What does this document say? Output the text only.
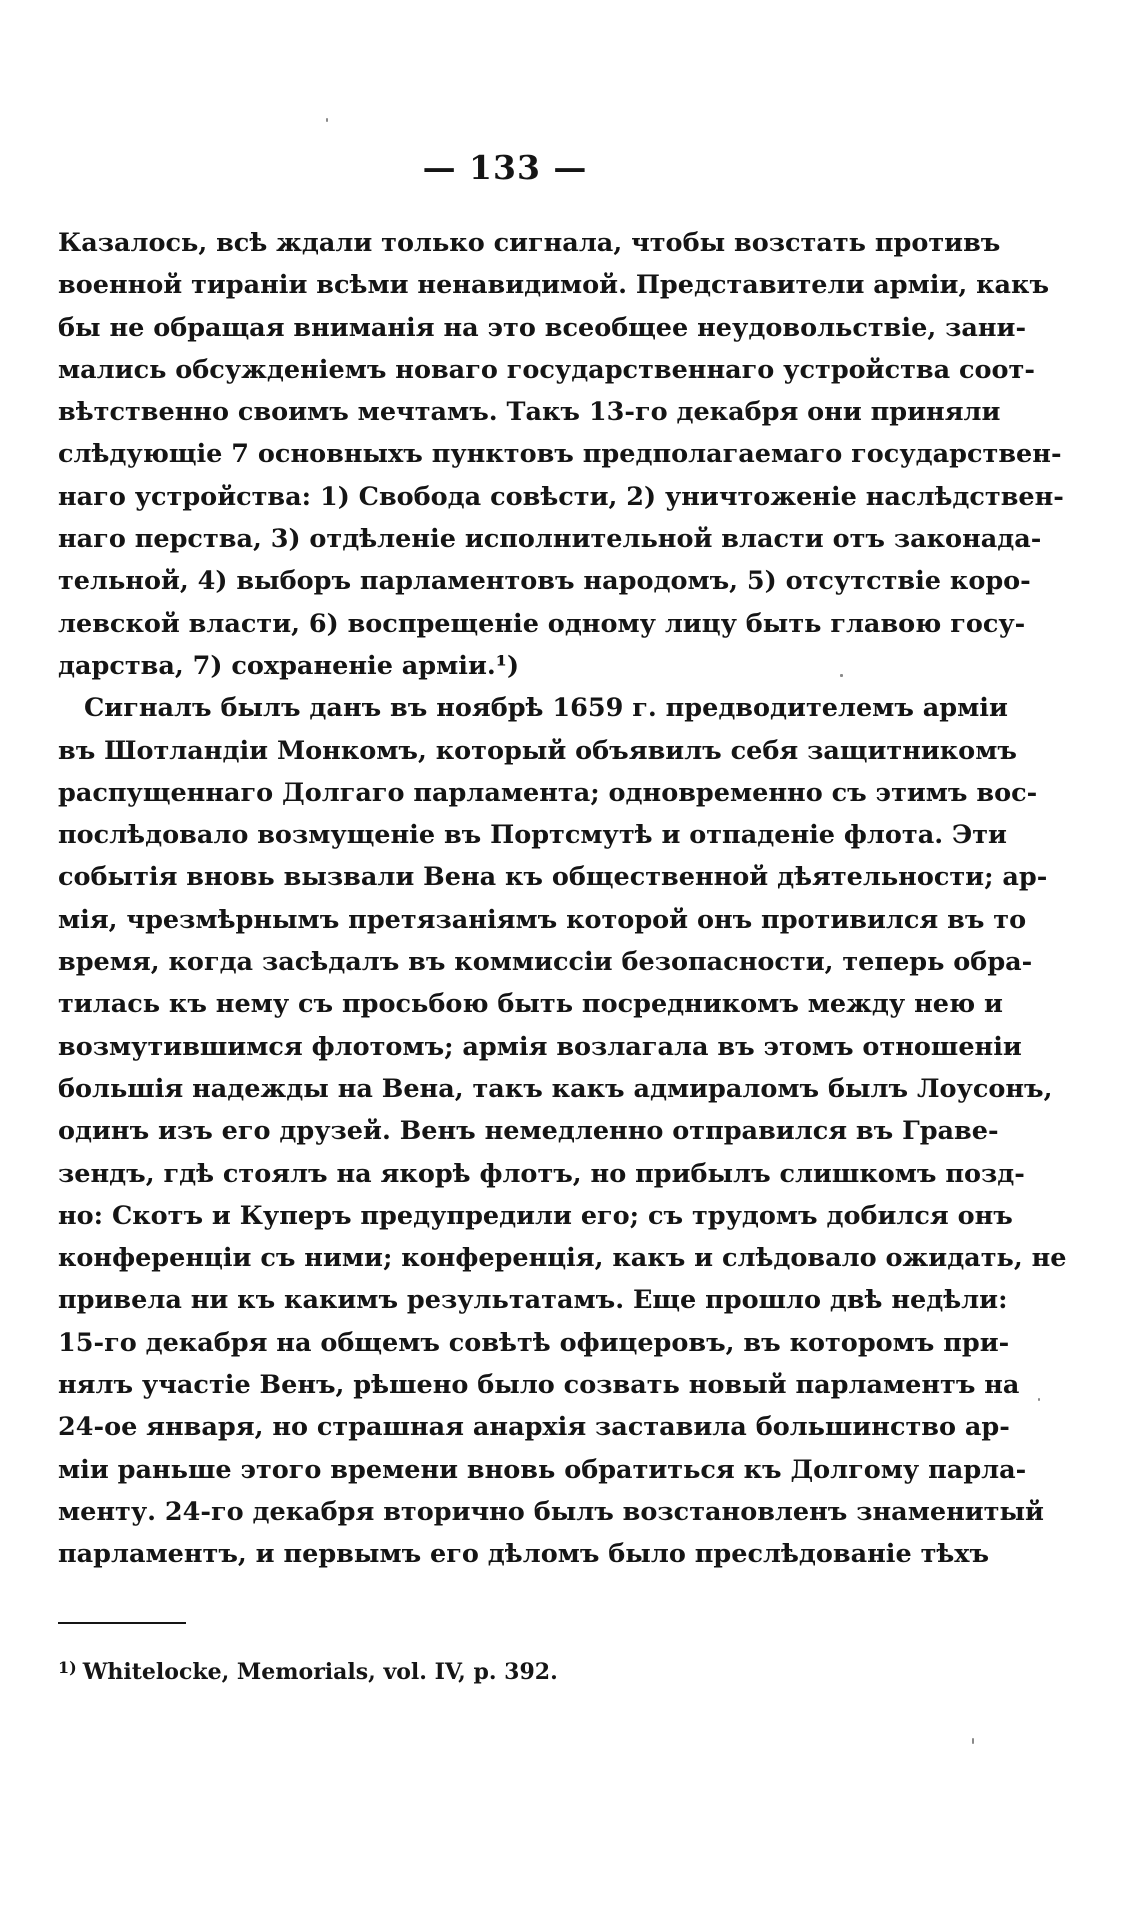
— 133 —
Казалось, всѣ ждали только сигнала, чтобы возстать противъ
военной тираніи всѣми ненавидимой. Представители арміи, какъ
бы не обращая вниманія на это всеобщее неудовольствіе, зани-
мались обсужденіемъ новаго государственнаго устройства соот-
вѣтственно своимъ мечтамъ. Такъ 13-го декабря они приняли
слѣдующіе 7 основныхъ пунктовъ предполагаемаго государствен-
наго устройства: 1) Свобода совѣсти, 2) уничтоженіе наслѣдствен-
наго перства, 3) отдѣленіе исполнительной власти отъ законада-
тельной, 4) выборъ парламентовъ народомъ, 5) отсутствіе коро-
левской власти, 6) воспрещеніе одному лицу быть главою госу-
дарства, 7) сохраненіе арміи.¹)
Сигналъ былъ данъ въ ноябрѣ 1659 г. предводителемъ арміи
въ Шотландіи Монкомъ, который объявилъ себя защитникомъ
распущеннаго Долгаго парламента; одновременно съ этимъ вос-
послѣдовало возмущеніе въ Портсмутѣ и отпаденіе флота. Эти
событія вновь вызвали Вена къ общественной дѣятельности; ар-
мія, чрезмѣрнымъ претязаніямъ которой онъ противился въ то
время, когда засѣдалъ въ коммиссіи безопасности, теперь обра-
тилась къ нему съ просьбою быть посредникомъ между нею и
возмутившимся флотомъ; армія возлагала въ этомъ отношеніи
большія надежды на Вена, такъ какъ адмираломъ былъ Лоусонъ,
одинъ изъ его друзей. Венъ немедленно отправился въ Граве-
зендъ, гдѣ стоялъ на якорѣ флотъ, но прибылъ слишкомъ позд-
но: Скотъ и Куперъ предупредили его; съ трудомъ добился онъ
конференціи съ ними; конференція, какъ и слѣдовало ожидать, не
привела ни къ какимъ результатамъ. Еще прошло двѣ недѣли:
15-го декабря на общемъ совѣтѣ офицеровъ, въ которомъ при-
нялъ участіе Венъ, рѣшено было созвать новый парламентъ на
24-ое января, но страшная анархія заставила большинство ар-
міи раньше этого времени вновь обратиться къ Долгому парла-
менту. 24-го декабря вторично былъ возстановленъ знаменитый
парламентъ, и первымъ его дѣломъ было преслѣдованіе тѣхъ
$^{1)}$ Whitelocke, Memorials, vol. IV, p. 392.
